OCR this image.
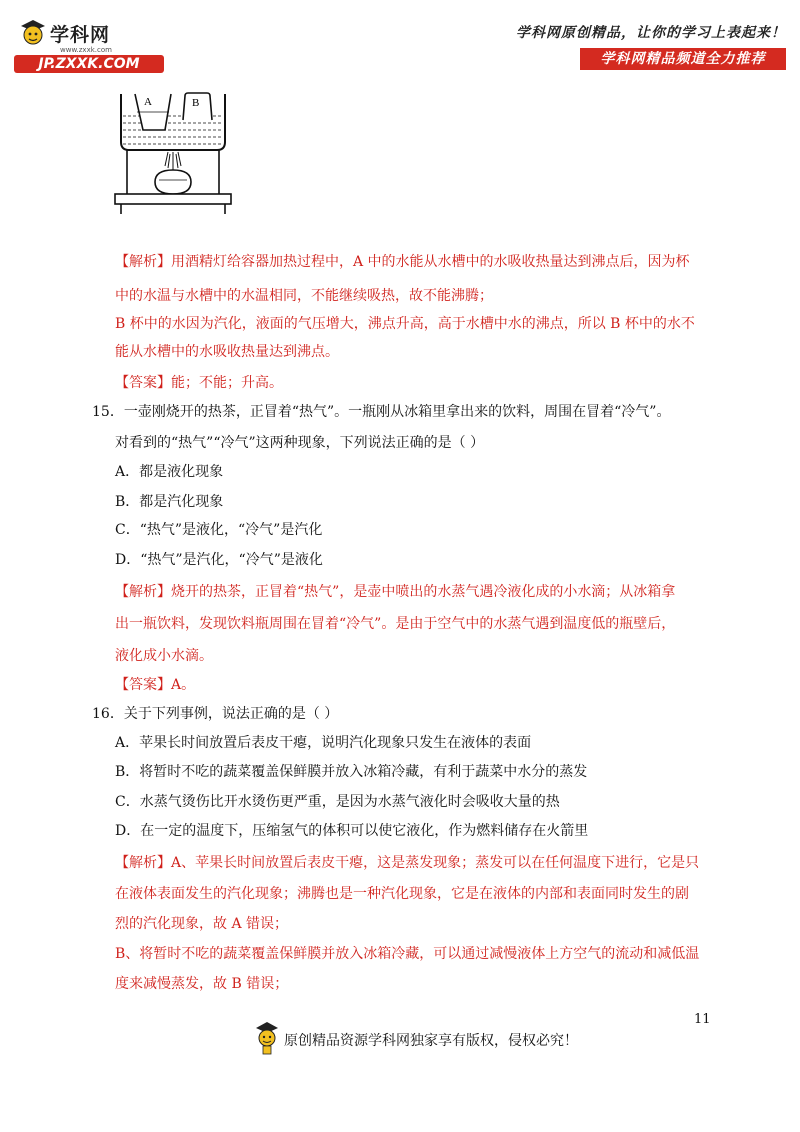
学科网
www.zxxk.com
JP.ZXXK.COM
学科网原创精品，让你的学习上表起来！
学科网精品频道全力推荐
A	B
【解析】用酒精灯给容器加热过程中，A 中的水能从水槽中的水吸收热量达到沸点后，因为杯
中的水温与水槽中的水温相同，不能继续吸热，故不能沸腾；
B 杯中的水因为汽化，液面的气压增大，沸点升高，高于水槽中水的沸点，所以 B 杯中的水不
能从水槽中的水吸收热量达到沸点。
【答案】能；不能；升高。
15．一壶刚烧开的热茶，正冒着“热气”。一瓶刚从冰箱里拿出来的饮料，周围在冒着“冷气”。
对看到的“热气”“冷气”这两种现象，下列说法正确的是（ ）
A．都是液化现象
B．都是汽化现象
C．“热气”是液化，“冷气”是汽化
D．“热气”是汽化，“冷气”是液化
【解析】烧开的热茶，正冒着“热气”，是壶中喷出的水蒸气遇冷液化成的小水滴；从冰箱拿
出一瓶饮料，发现饮料瓶周围在冒着“冷气”。是由于空气中的水蒸气遇到温度低的瓶壁后，
液化成小水滴。
【答案】A。
16．关于下列事例，说法正确的是（ ）
A．苹果长时间放置后表皮干瘪，说明汽化现象只发生在液体的表面
B．将暂时不吃的蔬菜覆盖保鲜膜并放入冰箱冷藏，有利于蔬菜中水分的蒸发
C．水蒸气烫伤比开水烫伤更严重，是因为水蒸气液化时会吸收大量的热
D．在一定的温度下，压缩氢气的体积可以使它液化，作为燃料储存在火箭里
【解析】A、苹果长时间放置后表皮干瘪，这是蒸发现象；蒸发可以在任何温度下进行，它是只
在液体表面发生的汽化现象；沸腾也是一种汽化现象，它是在液体的内部和表面同时发生的剧
烈的汽化现象，故 A 错误；
B、将暂时不吃的蔬菜覆盖保鲜膜并放入冰箱冷藏，可以通过减慢液体上方空气的流动和减低温
度来减慢蒸发，故 B 错误；
11
原创精品资源学科网独家享有版权，侵权必究！
